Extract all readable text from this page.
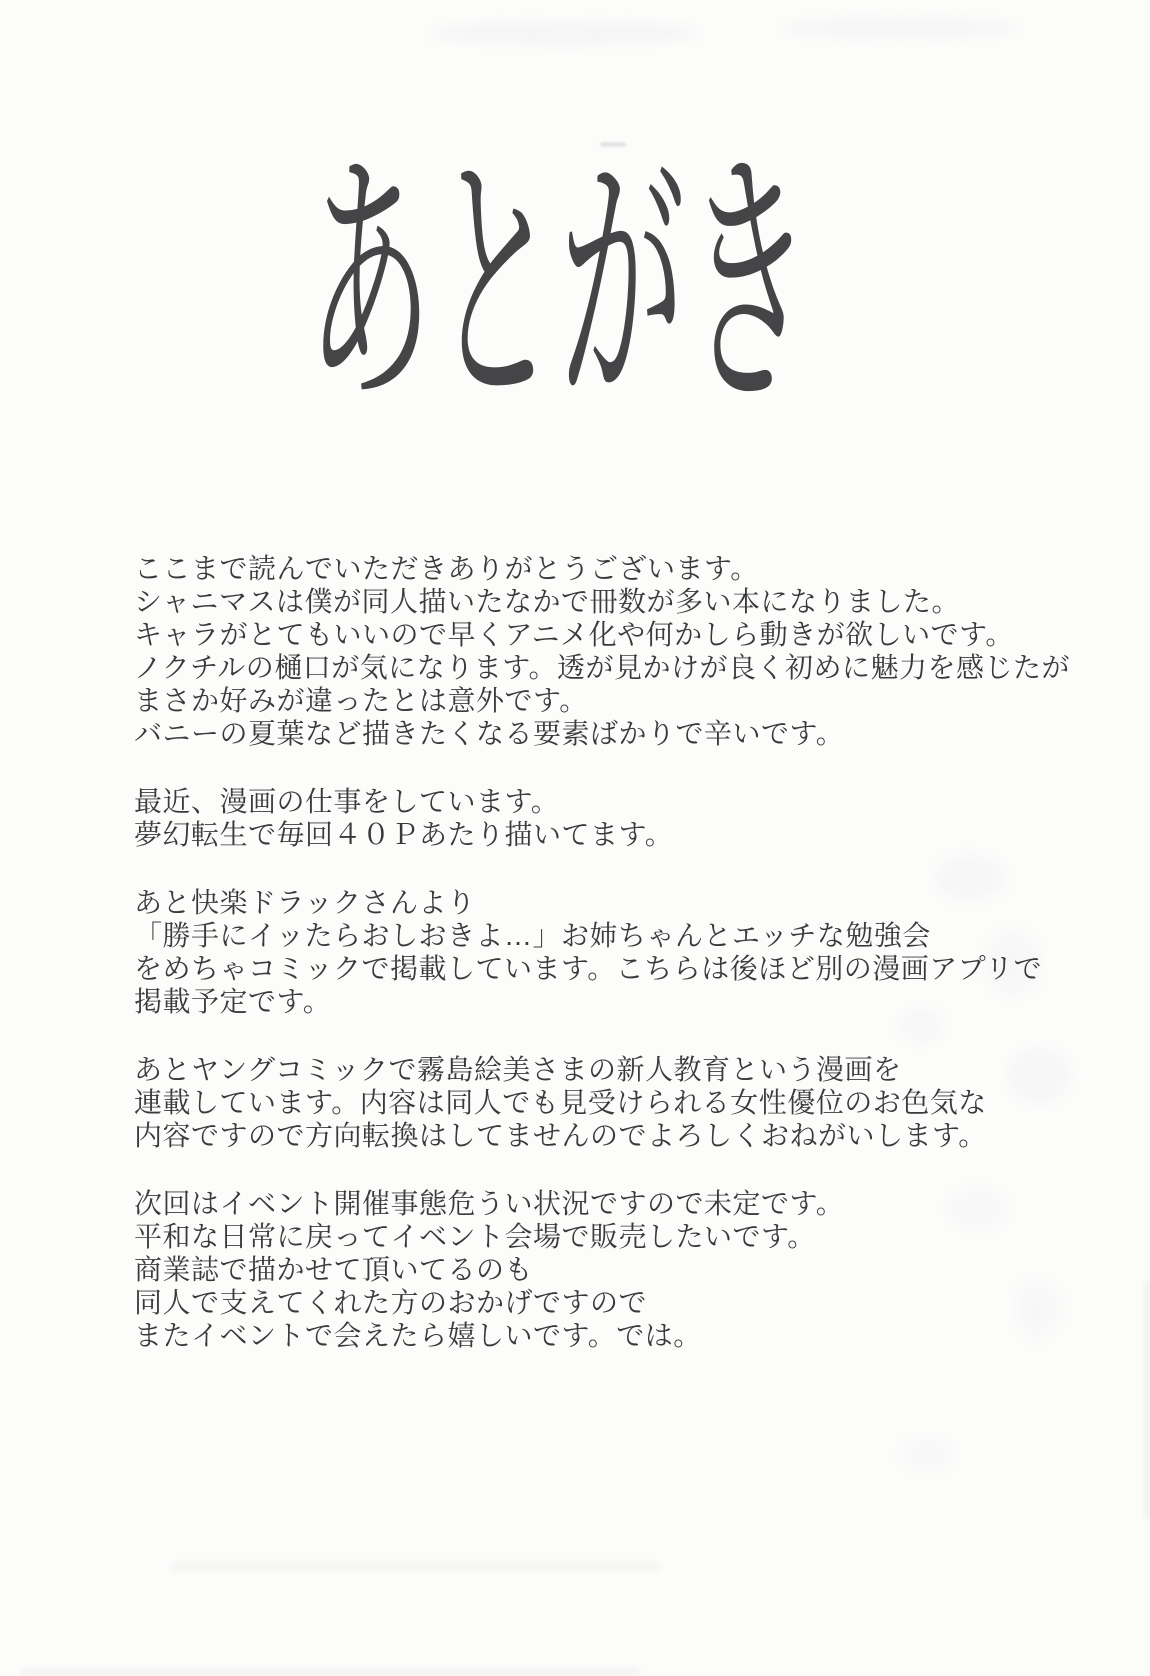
あとがき
ここまで読んでいただきありがとうございます。
シャニマスは僕が同人描いたなかで冊数が多い本になりました。
キャラがとてもいいので早くアニメ化や何かしら動きが欲しいです。
ノクチルの樋口が気になります。透が見かけが良く初めに魅力を感じたが
まさか好みが違ったとは意外です。
バニーの夏葉など描きたくなる要素ばかりで辛いです。
最近、漫画の仕事をしています。
夢幻転生で毎回４０Ｐあたり描いてます。
あと快楽ドラックさんより
「勝手にイッたらおしおきよ…」お姉ちゃんとエッチな勉強会
をめちゃコミックで掲載しています。こちらは後ほど別の漫画アプリで
掲載予定です。
あとヤングコミックで霧島絵美さまの新人教育という漫画を
連載しています。内容は同人でも見受けられる女性優位のお色気な
内容ですので方向転換はしてませんのでよろしくおねがいします。
次回はイベント開催事態危うい状況ですので未定です。
平和な日常に戻ってイベント会場で販売したいです。
商業誌で描かせて頂いてるのも
同人で支えてくれた方のおかげですので
またイベントで会えたら嬉しいです。では。
